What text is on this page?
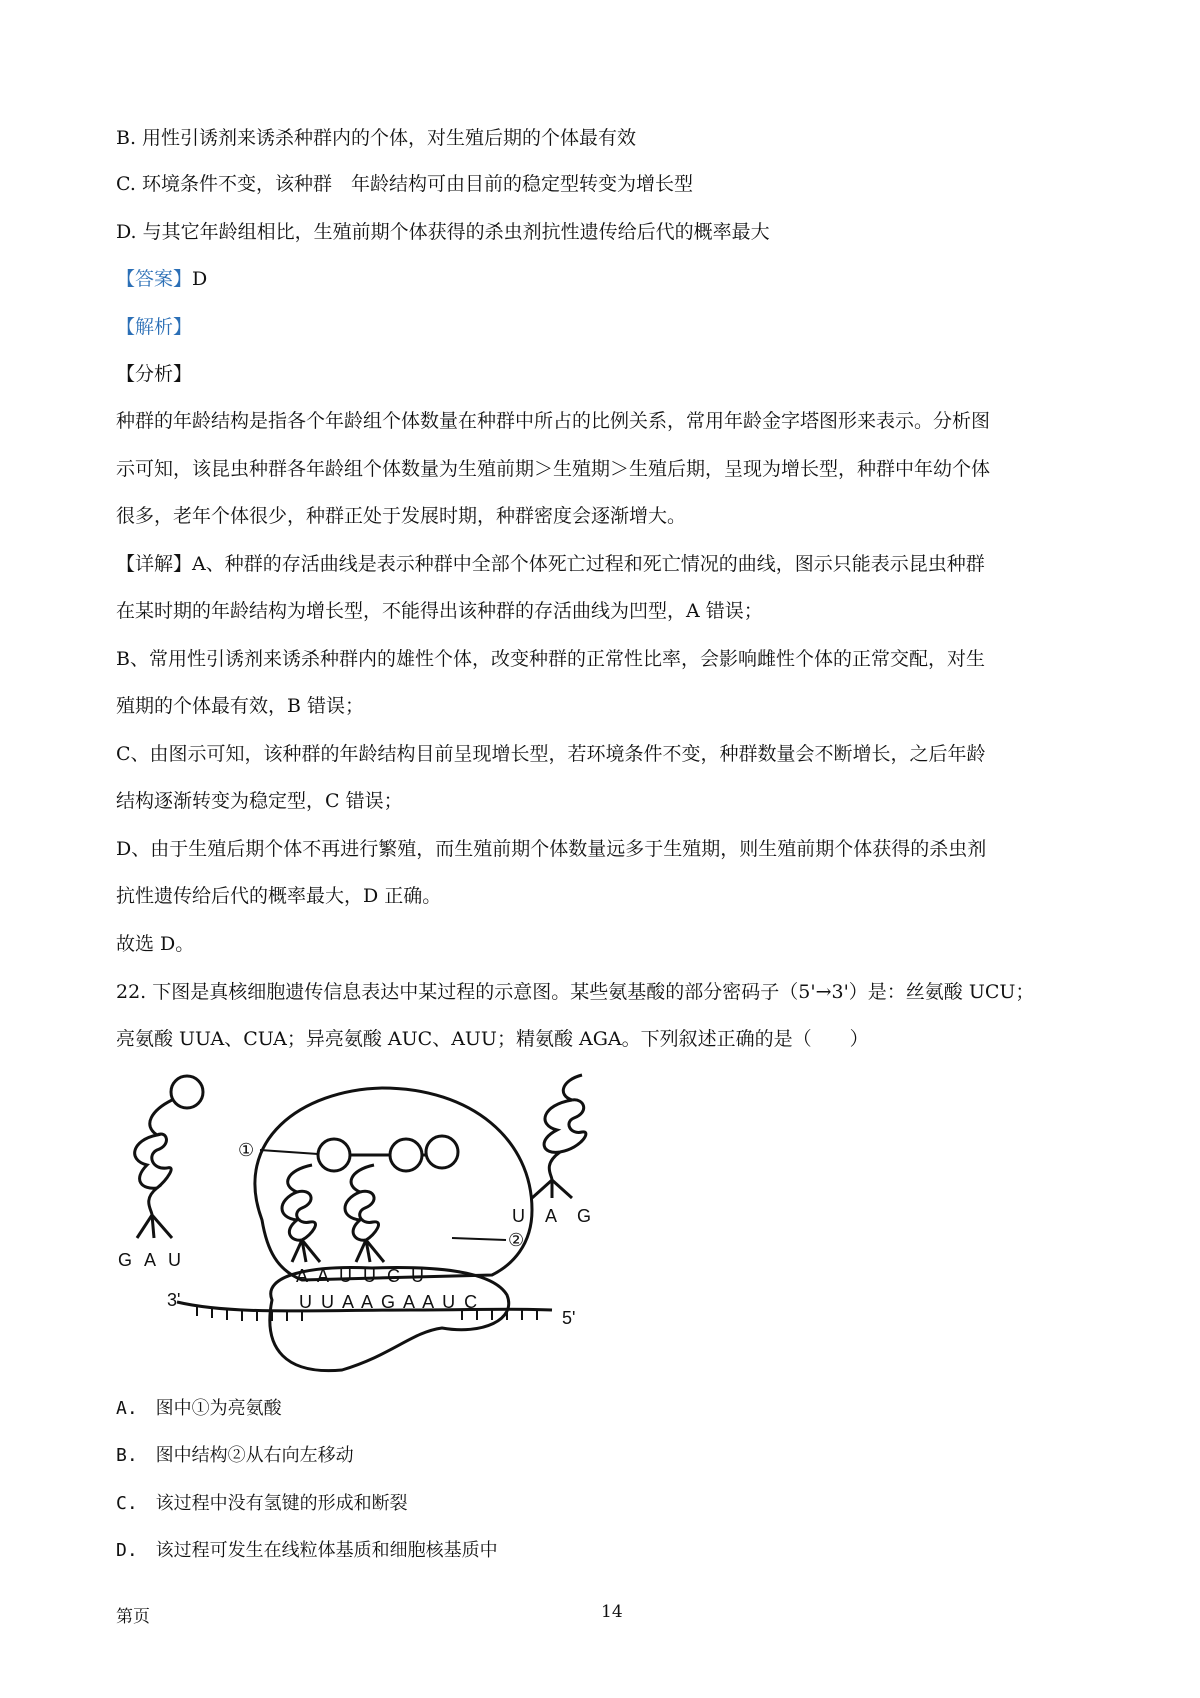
B. 用性引诱剂来诱杀种群内的个体，对生殖后期的个体最有效
C. 环境条件不变，该种群　年龄结构可由目前的稳定型转变为增长型
D. 与其它年龄组相比，生殖前期个体获得的杀虫剂抗性遗传给后代的概率最大
【答案】D
【解析】
【分析】
种群的年龄结构是指各个年龄组个体数量在种群中所占的比例关系，常用年龄金字塔图形来表示。分析图
示可知，该昆虫种群各年龄组个体数量为生殖前期＞生殖期＞生殖后期，呈现为增长型，种群中年幼个体
很多，老年个体很少，种群正处于发展时期，种群密度会逐渐增大。
【详解】A、种群的存活曲线是表示种群中全部个体死亡过程和死亡情况的曲线，图示只能表示昆虫种群
在某时期的年龄结构为增长型，不能得出该种群的存活曲线为凹型，A 错误；
B、常用性引诱剂来诱杀种群内的雄性个体，改变种群的正常性比率，会影响雌性个体的正常交配，对生
殖期的个体最有效，B 错误；
C、由图示可知，该种群的年龄结构目前呈现增长型，若环境条件不变，种群数量会不断增长，之后年龄
结构逐渐转变为稳定型，C 错误；
D、由于生殖后期个体不再进行繁殖，而生殖前期个体数量远多于生殖期，则生殖前期个体获得的杀虫剂
抗性遗传给后代的概率最大，D 正确。
故选 D。
22. 下图是真核细胞遗传信息表达中某过程的示意图。某些氨基酸的部分密码子（5'→3'）是：丝氨酸 UCU；
亮氨酸 UUA、CUA；异亮氨酸 AUC、AUU；精氨酸 AGA。下列叙述正确的是（　　）
3'
5'
U U A A G A A U C
A A U U C U
①
②
G A U
U A G
A.　图中①为亮氨酸
B.　图中结构②从右向左移动
C.　该过程中没有氢键的形成和断裂
D.　该过程可发生在线粒体基质和细胞核基质中
第页	14
